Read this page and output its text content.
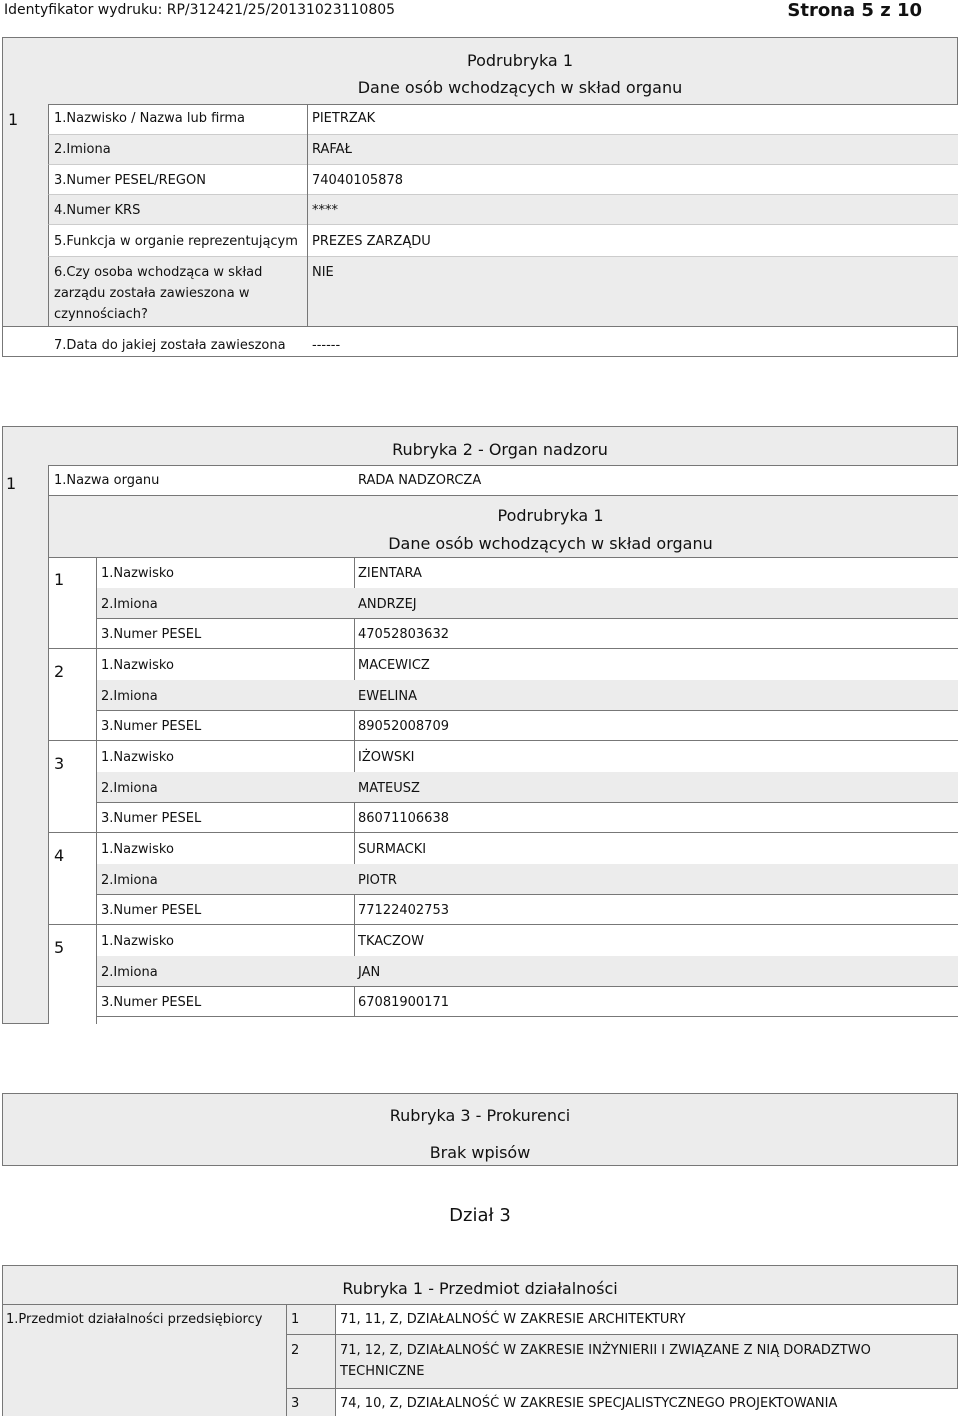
Identyfikator wydruku: RP/312421/25/20131023110805	Strona 5 z 10
Podrubryka 1
Dane osób wchodzących w skład organu
1	1.Nazwisko / Nazwa lub firma	PIETRZAK
2.Imiona	RAFAŁ
3.Numer PESEL/REGON	74040105878
4.Numer KRS	****
5.Funkcja w organie reprezentującym PREZES ZARZĄDU
6.Czy osoba wchodząca w skład zarządu została zawieszona w czynnościach?
NIE
7.Data do jakiej została zawieszona ------
Rubryka 2 - Organ nadzoru
1	1.Nazwa organu	RADA NADZORCZA
Podrubryka 1
Dane osób wchodzących w skład organu
1	1.Nazwisko	ZIENTARA
2.Imiona	ANDRZEJ
3.Numer PESEL	47052803632
2	1.Nazwisko	MACEWICZ
2.Imiona	EWELINA
3.Numer PESEL	89052008709
3	1.Nazwisko	IŻOWSKI
2.Imiona	MATEUSZ
3.Numer PESEL	86071106638
4	1.Nazwisko	SURMACKI
2.Imiona	PIOTR
3.Numer PESEL	77122402753
5	1.Nazwisko	TKACZOW
2.Imiona	JAN
3.Numer PESEL	67081900171
Rubryka 3 - Prokurenci
Brak wpisów
Dział 3
Rubryka 1 - Przedmiot działalności
1.Przedmiot działalności przedsiębiorcy 1	71, 11, Z, DZIAŁALNOŚĆ W ZAKRESIE ARCHITEKTURY
2	71, 12, Z, DZIAŁALNOŚĆ W ZAKRESIE INŻYNIERII I ZWIĄZANE Z NIĄ DORADZTWO TECHNICZNE
3	74, 10, Z, DZIAŁALNOŚĆ W ZAKRESIE SPECJALISTYCZNEGO PROJEKTOWANIA
